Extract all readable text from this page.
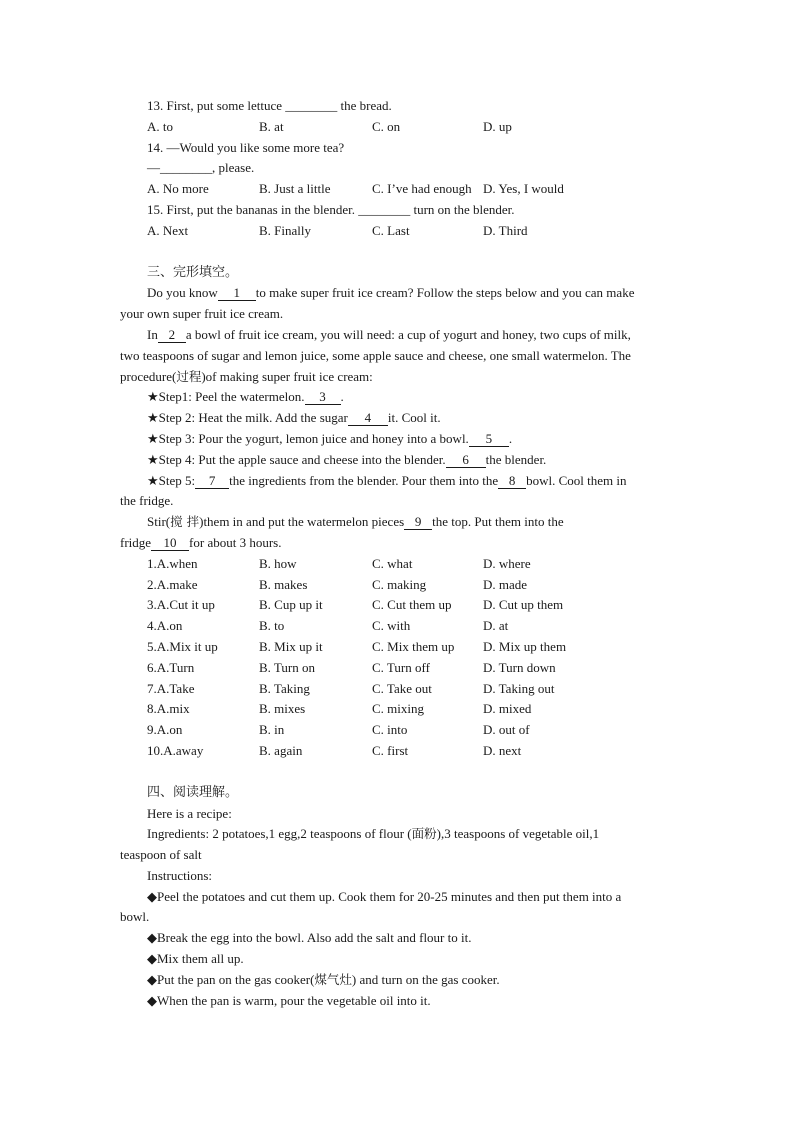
13. First, put some lettuce ________ the bread.
A. to	B. at	C. on	D. up
14. —Would you like some more tea?
—________, please.
A. No more	B. Just a little	C. I’ve had enough D. Yes, I would
15. First, put the bananas in the blender. ________ turn on the blender.
A. Next	B. Finally	C. Last	D. Third
三、完形填空。
Do you know 1 to make super fruit ice cream? Follow the steps below and you can make
your own super fruit ice cream.
In 2 a bowl of fruit ice cream, you will need: a cup of yogurt and honey, two cups of milk,
two teaspoons of sugar and lemon juice, some apple sauce and cheese, one small watermelon. The
procedure(过程)of making super fruit ice cream:
★Step1: Peel the watermelon. 3 .
★Step 2: Heat the milk. Add the sugar 4 it. Cool it.
★Step 3: Pour the yogurt, lemon juice and honey into a bowl. 5 .
★Step 4: Put the apple sauce and cheese into the blender. 6 the blender.
★Step 5: 7 the ingredients from the blender. Pour them into the 8 bowl. Cool them in
the fridge.
Stir(搅 拌)them in and put the watermelon pieces 9 the top. Put them into the
fridge 10 for about 3 hours.
1.A.when	B. how	C. what	D. where
2.A.make	B. makes	C. making	D. made
3.A.Cut it up	B. Cup up it	C. Cut them up	D. Cut up them
4.A.on	B. to	C. with	D. at
5.A.Mix it up	B. Mix up it	C. Mix them up	D. Mix up them
6.A.Turn	B. Turn on	C. Turn off	D. Turn down
7.A.Take	B. Taking	C. Take out	D. Taking out
8.A.mix	B. mixes	C. mixing	D. mixed
9.A.on	B. in	C. into	D. out of
10.A.away	B. again	C. first	D. next
四、阅读理解。
Here is a recipe:
Ingredients: 2 potatoes,1 egg,2 teaspoons of flour (面粉),3 teaspoons of vegetable oil,1
teaspoon of salt
Instructions:
◆Peel the potatoes and cut them up. Cook them for 20-25 minutes and then put them into a
bowl.
◆Break the egg into the bowl. Also add the salt and flour to it.
◆Mix them all up.
◆Put the pan on the gas cooker(煤气灶) and turn on the gas cooker.
◆When the pan is warm, pour the vegetable oil into it.
